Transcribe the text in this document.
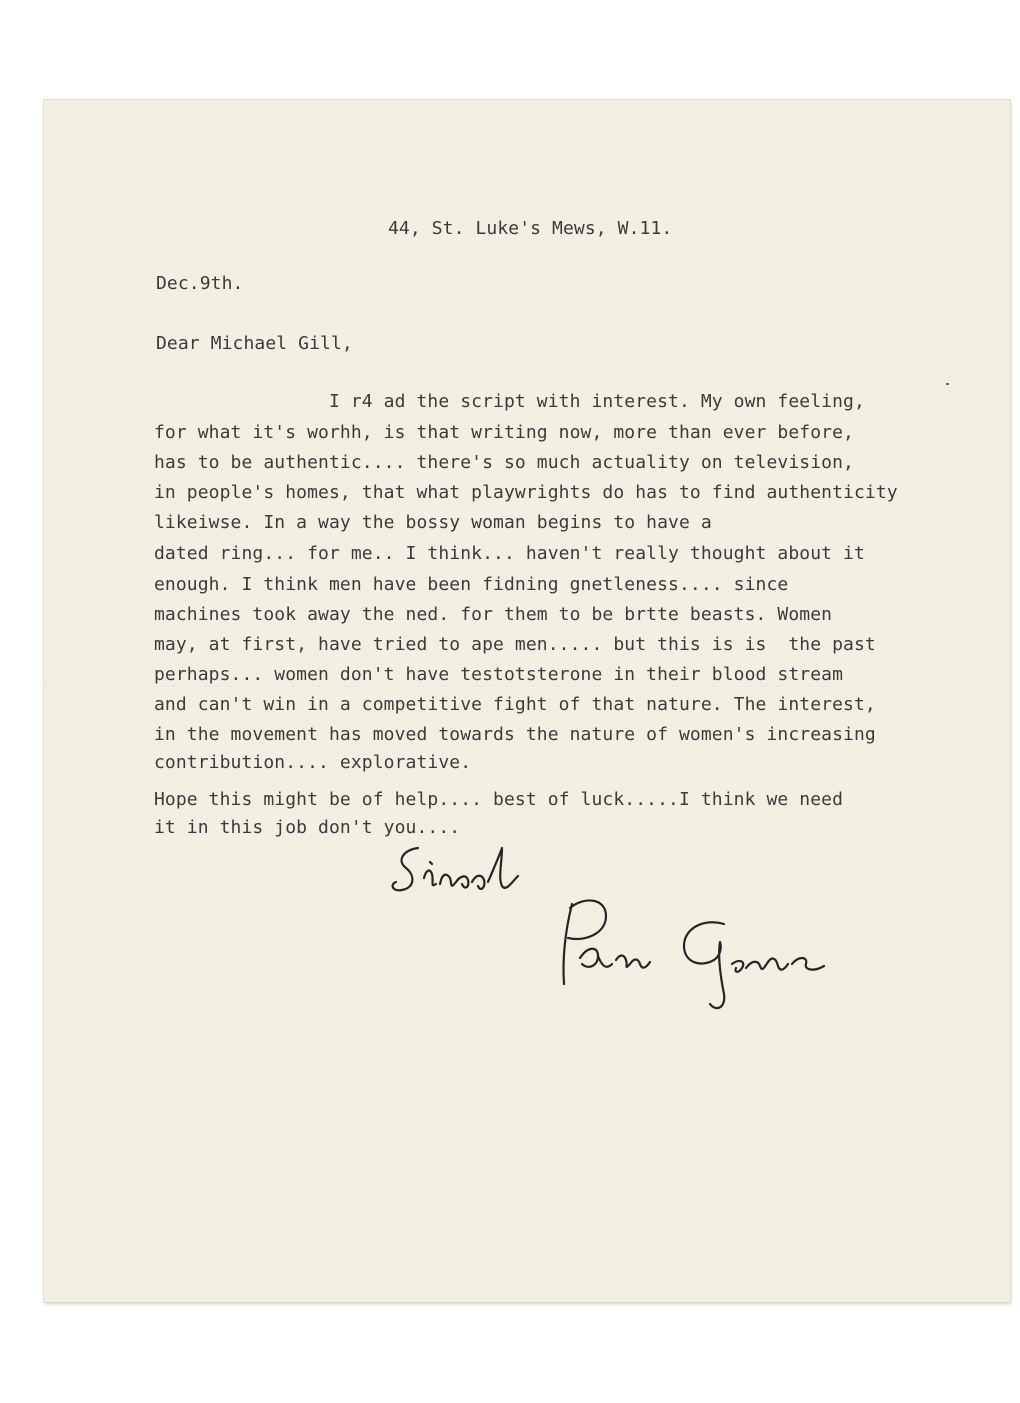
44, St. Luke's Mews, W.11.

Dec.9th.

Dear Michael Gill,

I r4 ad the script with interest. My own feeling,

for what it's worhh, is that writing now, more than ever before,

has to be authentic.... there's so much actuality on television,

in people's homes, that what playwrights do has to find authenticity

likeiwse. In a way the bossy woman begins to have a

dated ring... for me.. I think... haven't really thought about it

enough. I think men have been fidning gnetleness.... since

machines took away the ned. for them to be brtte beasts. Women

may, at first, have tried to ape men..... but this is is  the past

perhaps... women don't have testotsterone in their blood stream

and can't win in a competitive fight of that nature. The interest,

in the movement has moved towards the nature of women's increasing

contribution.... explorative.

Hope this might be of help.... best of luck.....I think we need

it in this job don't you....
